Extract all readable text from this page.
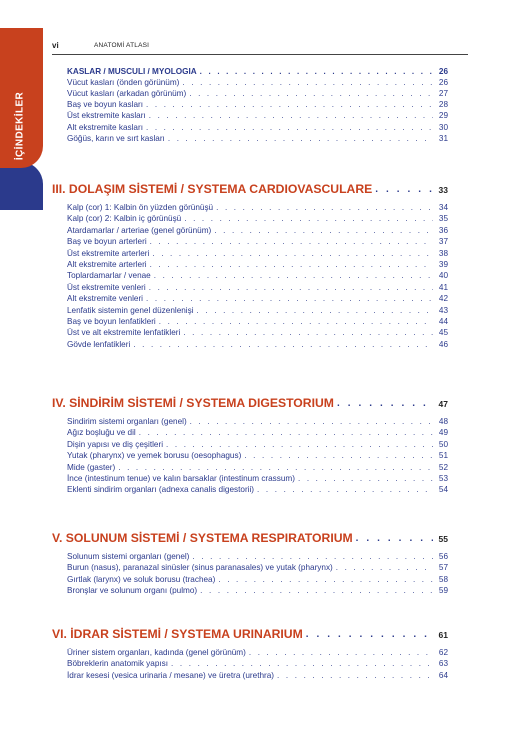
İÇİNDEKİLER
vi	ANATOMİ ATLASI
KASLAR / MUSCULI / MYOLOGIA . . .	26
Vücut kasları (önden görünüm) . . .	26
Vücut kasları (arkadan görünüm) . . .	27
Baş ve boyun kasları . . .	28
Üst ekstremite kasları . . .	29
Alt ekstremite kasları . . .	30
Göğüs, karın ve sırt kasları . . .	31
III. DOLAŞIM SİSTEMİ / SYSTEMA CARDIOVASCULARE . . .	33
Kalp (cor) 1: Kalbin ön yüzden görünüşü . . .	34
Kalp (cor) 2: Kalbin iç görünüşü . . .	35
Atardamarlar / arteriae (genel görünüm) . . .	36
Baş ve boyun arterleri . . .	37
Üst ekstremite arterleri . . .	38
Alt ekstremite arterleri . . .	39
Toplardamarlar / venae . . .	40
Üst ekstremite venleri . . .	41
Alt ekstremite venleri . . .	42
Lenfatik sistemin genel düzenlenişi . . .	43
Baş ve boyun lenfatikleri . . .	44
Üst ve alt ekstremite lenfatikleri . . .	45
Gövde lenfatikleri . . .	46
IV. SİNDİRİM SİSTEMİ / SYSTEMA DIGESTORIUM . . .	47
Sindirim sistemi organları (genel) . . .	48
Ağız boşluğu ve dil . . .	49
Dişin yapısı ve diş çeşitleri . . .	50
Yutak (pharynx) ve yemek borusu (oesophagus) . . .	51
Mide (gaster) . . .	52
İnce (intestinum tenue) ve kalın barsaklar (intestinum crassum) . . .	53
Eklenti sindirim organları (adnexa canalis digestorii) . . .	54
V. SOLUNUM SİSTEMİ / SYSTEMA RESPIRATORIUM . . .	55
Solunum sistemi organları (genel) . . .	56
Burun (nasus), paranazal sinüsler (sinus paranasales) ve yutak (pharynx) . . .	57
Gırtlak (larynx) ve soluk borusu (trachea) . . .	58
Bronşlar ve solunum organı (pulmo) . . .	59
VI. İDRAR SİSTEMİ / SYSTEMA URINARIUM . . .	61
Üriner sistem organları, kadında (genel görünüm) . . .	62
Böbreklerin anatomik yapısı . . .	63
İdrar kesesi (vesica urinaria / mesane) ve üretra (urethra) . . .	64
